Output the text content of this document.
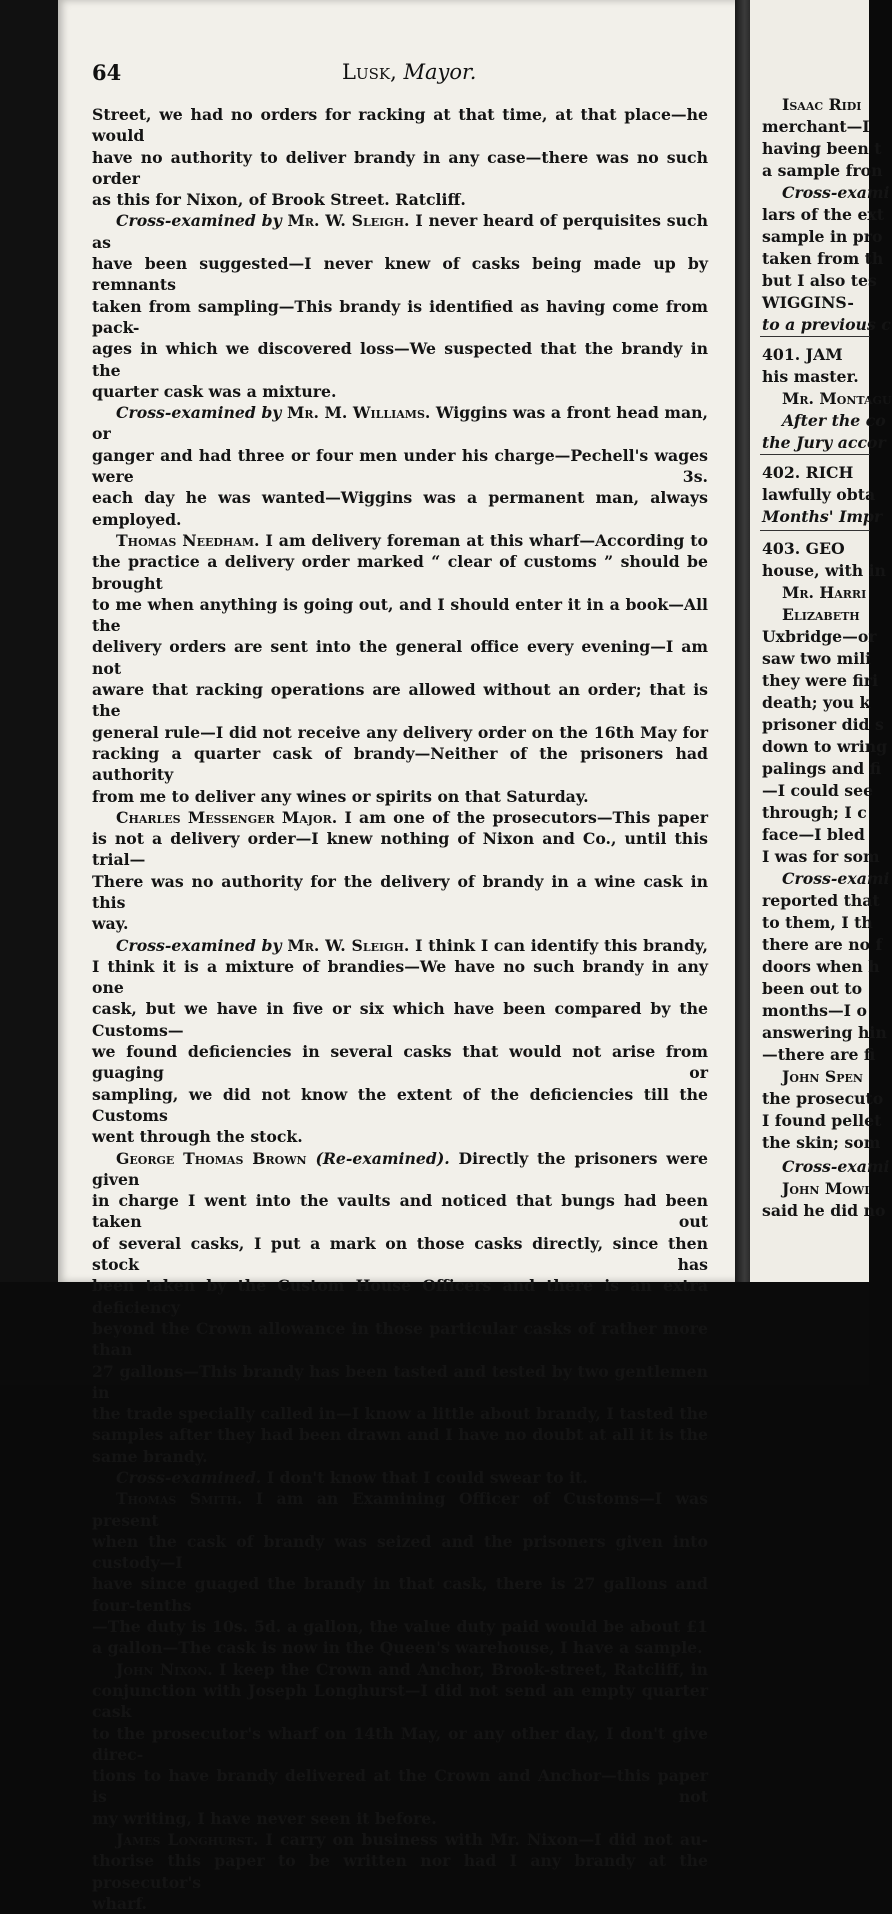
Isaac Ridi
merchant—I
having been t
a sample fron
Cross-exami
lars of the ext
sample in pro
taken from th
but I also tes
WIGGINS-
to a previous c
401. JAM
his master.
Mr. Montagu
After the co
the Jury accor
402. RICH
lawfully obta
Months' Impr
403. GEO
house, with in
Mr. Harri
Elizabeth
Uxbridge—or
saw two mili
they were firi
death; you k
prisoner did s
down to wring
palings and fi
—I could see
through; I c
face—I bled
I was for som
Cross-exami
reported that
to them, I th
there are no f
doors when h
been out to
months—I o
answering hin
—there are fi
John Spen
the prosecuto
I found pellet
the skin; som
Cross-exami
John Mowi
said he did no
64	Lusk, Mayor.

Street, we had no orders for racking at that time, at that place—he would

have no authority to deliver brandy in any case—there was no such order

as this for Nixon, of Brook Street. Ratcliff.

Cross-examined by Mr. W. Sleigh. I never heard of perquisites such as

have been suggested—I never knew of casks being made up by remnants

taken from sampling—This brandy is identified as having come from pack-

ages in which we discovered loss—We suspected that the brandy in the

quarter cask was a mixture.

Cross-examined by Mr. M. Williams. Wiggins was a front head man, or

ganger and had three or four men under his charge—Pechell's wages were 3s.

each day he was wanted—Wiggins was a permanent man, always employed.

Thomas Needham. I am delivery foreman at this wharf—According to

the practice a delivery order marked “ clear of customs ” should be brought

to me when anything is going out, and I should enter it in a book—All the

delivery orders are sent into the general office every evening—I am not

aware that racking operations are allowed without an order; that is the

general rule—I did not receive any delivery order on the 16th May for

racking a quarter cask of brandy—Neither of the prisoners had authority

from me to deliver any wines or spirits on that Saturday.

Charles Messenger Major. I am one of the prosecutors—This paper

is not a delivery order—I knew nothing of Nixon and Co., until this trial—

There was no authority for the delivery of brandy in a wine cask in this

way.

Cross-examined by Mr. W. Sleigh. I think I can identify this brandy,

I think it is a mixture of brandies—We have no such brandy in any one

cask, but we have in five or six which have been compared by the Customs—

we found deficiencies in several casks that would not arise from guaging or

sampling, we did not know the extent of the deficiencies till the Customs

went through the stock.

George Thomas Brown (Re-examined). Directly the prisoners were given

in charge I went into the vaults and noticed that bungs had been taken out

of several casks, I put a mark on those casks directly, since then stock has

been taken by the Custom House Officers and there is an extra deficiency

beyond the Crown allowance in those particular casks of rather more than

27 gallons—This brandy has been tasted and tested by two gentlemen in

the trade specially called in—I know a little about brandy, I tasted the

samples after they had been drawn and I have no doubt at all it is the

same brandy.

Cross-examined. I don't know that I could swear to it.

Thomas Smith. I am an Examining Officer of Customs—I was present

when the cask of brandy was seized and the prisoners given into custody—I

have since guaged the brandy in that cask, there is 27 gallons and four-tenths

—The duty is 10s. 5d. a gallon, the value duty paid would be about £1

a gallon—The cask is now in the Queen's warehouse, I have a sample.

John Nixon. I keep the Crown and Anchor, Brook-street, Ratcliff, in

conjunction with Joseph Longhurst—I did not send an empty quarter cask

to the prosecutor's wharf on 14th May, or any other day, I don't give direc-

tions to have brandy delivered at the Crown and Anchor—this paper is not

my writing, I have never seen it before.

James Longhurst. I carry on business with Mr. Nixon—I did not au-

thorise this paper to be written nor had I any brandy at the prosecutor's

wharf.
